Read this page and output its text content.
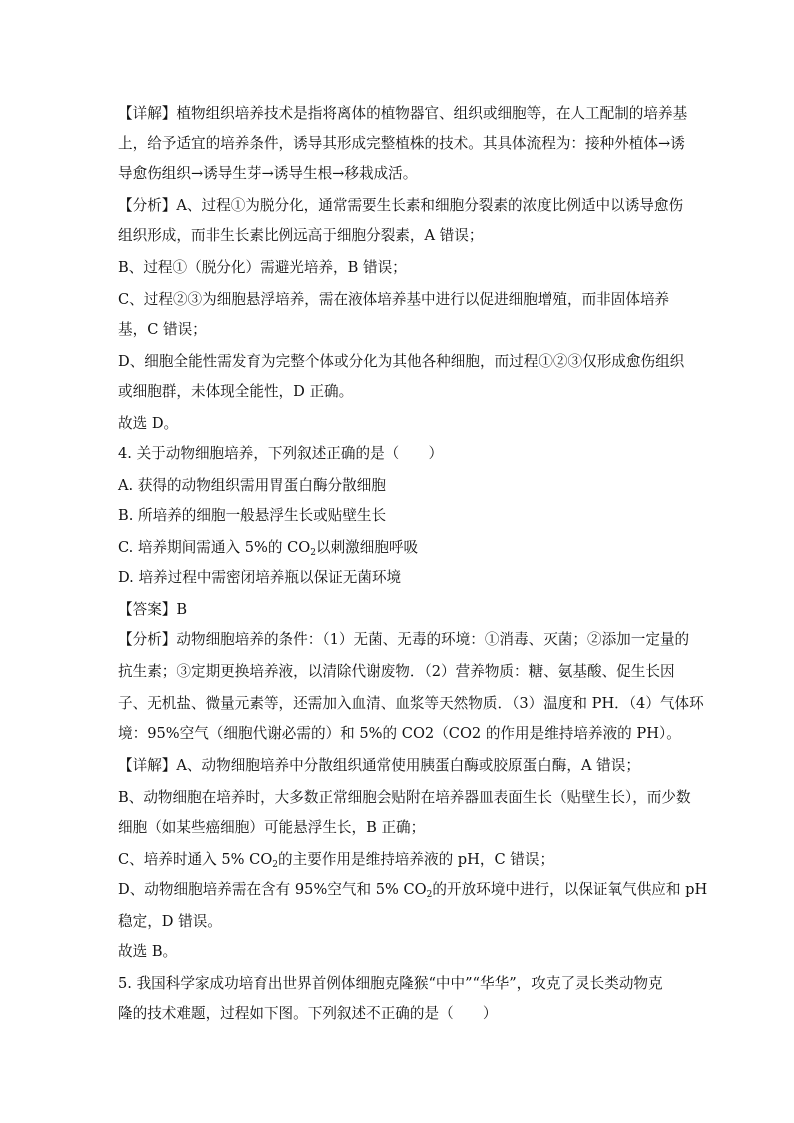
【详解】植物组织培养技术是指将离体的植物器官、组织或细胞等，在人工配制的培养基
上，给予适宜的培养条件，诱导其形成完整植株的技术。其具体流程为：接种外植体→诱
导愈伤组织→诱导生芽→诱导生根→移栽成活。
【分析】A、过程①为脱分化，通常需要生长素和细胞分裂素的浓度比例适中以诱导愈伤
组织形成，而非生长素比例远高于细胞分裂素，A 错误；
B、过程①（脱分化）需避光培养，B 错误；
C、过程②③为细胞悬浮培养，需在液体培养基中进行以促进细胞增殖，而非固体培养
基，C 错误；
D、细胞全能性需发育为完整个体或分化为其他各种细胞，而过程①②③仅形成愈伤组织
或细胞群，未体现全能性，D 正确。
故选 D。
4. 关于动物细胞培养，下列叙述正确的是（　　）
A. 获得的动物组织需用胃蛋白酶分散细胞
B. 所培养的细胞一般悬浮生长或贴壁生长
C. 培养期间需通入 5%的 $CO_2$以刺激细胞呼吸
D. 培养过程中需密闭培养瓶以保证无菌环境
【答案】B
【分析】动物细胞培养的条件：（1）无菌、无毒的环境：①消毒、灭菌；②添加一定量的
抗生素；③定期更换培养液，以清除代谢废物．（2）营养物质：糖、氨基酸、促生长因
子、无机盐、微量元素等，还需加入血清、血浆等天然物质．（3）温度和 PH．（4）气体环
境：95%空气（细胞代谢必需的）和 5%的 CO2（CO2 的作用是维持培养液的 PH）。
【详解】A、动物细胞培养中分散组织通常使用胰蛋白酶或胶原蛋白酶，A 错误；
B、动物细胞在培养时，大多数正常细胞会贴附在培养器皿表面生长（贴壁生长），而少数
细胞（如某些癌细胞）可能悬浮生长，B 正确；
C、培养时通入 5% $CO_2$的主要作用是维持培养液的 pH，C 错误；
D、动物细胞培养需在含有 95%空气和 5% $CO_2$的开放环境中进行，以保证氧气供应和 pH
稳定，D 错误。
故选 B。
5. 我国科学家成功培育出世界首例体细胞克隆猴“中中”“华华”，攻克了灵长类动物克
隆的技术难题，过程如下图。下列叙述不正确的是（　　）
